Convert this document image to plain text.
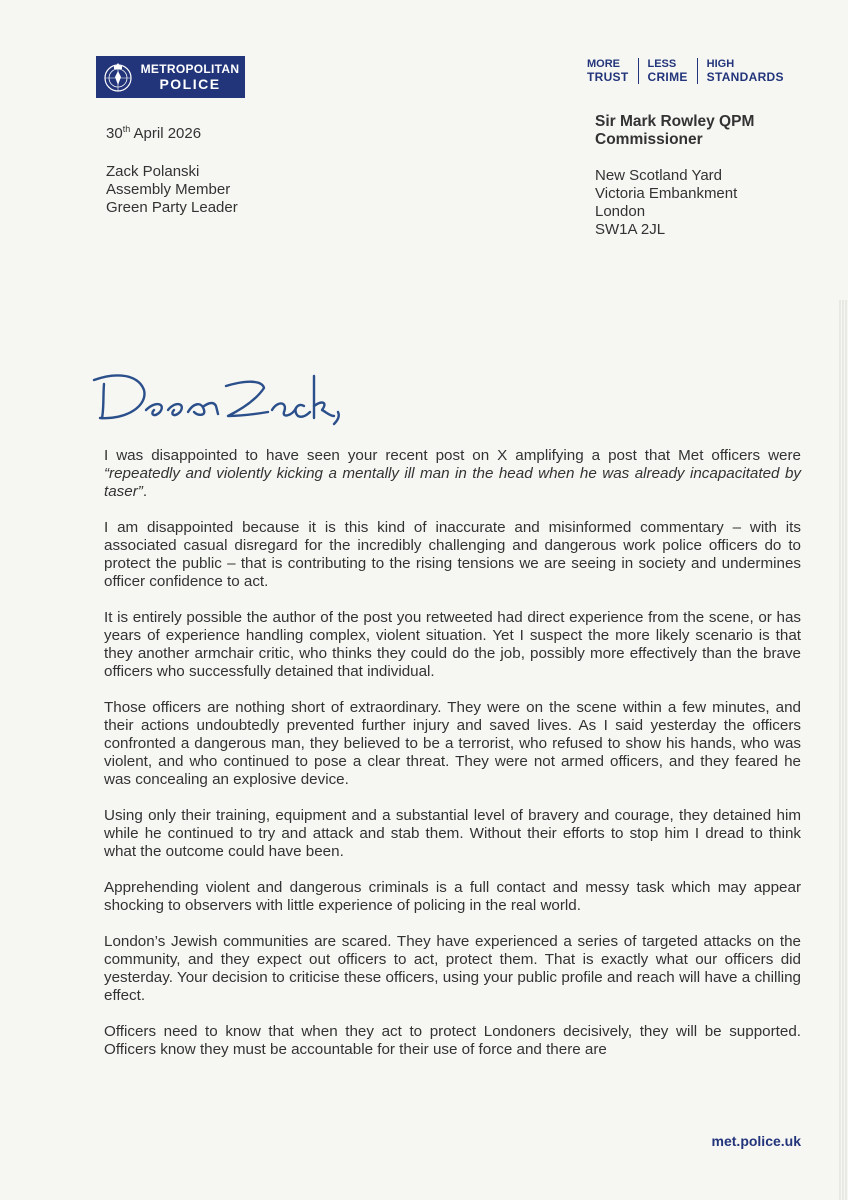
METROPOLITAN
POLICE
MORE
TRUST
LESS
CRIME
HIGH
STANDARDS
30th April 2026
Zack Polanski
Assembly Member
Green Party Leader
Sir Mark Rowley QPM
Commissioner
New Scotland Yard
Victoria Embankment
London
SW1A 2JL

I was disappointed to have seen your recent post on X amplifying a post that Met officers were “repeatedly and violently kicking a mentally ill man in the head when he was already incapacitated by taser”.

I am disappointed because it is this kind of inaccurate and misinformed commentary – with its associated casual disregard for the incredibly challenging and dangerous work police officers do to protect the public – that is contributing to the rising tensions we are seeing in society and undermines officer confidence to act.

It is entirely possible the author of the post you retweeted had direct experience from the scene, or has years of experience handling complex, violent situation. Yet I suspect the more likely scenario is that they another armchair critic, who thinks they could do the job, possibly more effectively than the brave officers who successfully detained that individual.

Those officers are nothing short of extraordinary. They were on the scene within a few minutes, and their actions undoubtedly prevented further injury and saved lives. As I said yesterday the officers confronted a dangerous man, they believed to be a terrorist, who refused to show his hands, who was violent, and who continued to pose a clear threat. They were not armed officers, and they feared he was concealing an explosive device.

Using only their training, equipment and a substantial level of bravery and courage, they detained him while he continued to try and attack and stab them. Without their efforts to stop him I dread to think what the outcome could have been.

Apprehending violent and dangerous criminals is a full contact and messy task which may appear shocking to observers with little experience of policing in the real world.

London’s Jewish communities are scared. They have experienced a series of targeted attacks on the community, and they expect out officers to act, protect them. That is exactly what our officers did yesterday. Your decision to criticise these officers, using your public profile and reach will have a chilling effect.

Officers need to know that when they act to protect Londoners decisively, they will be supported. Officers know they must be accountable for their use of force and there are

met.police.uk
